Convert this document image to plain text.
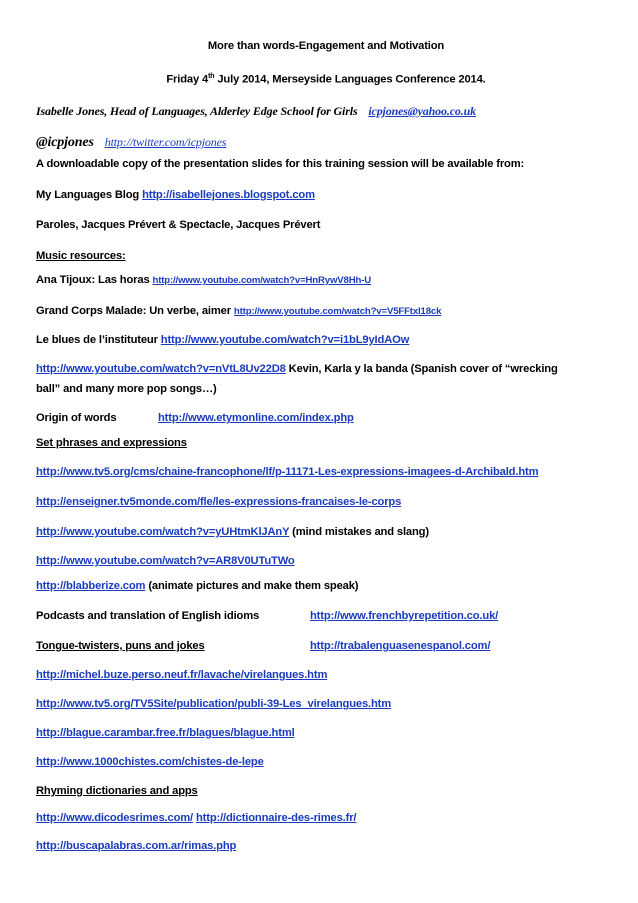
More than words-Engagement and Motivation
Friday 4th July 2014, Merseyside Languages Conference 2014.
Isabelle Jones, Head of Languages, Alderley Edge School for Girls icpjones@yahoo.co.uk
@icpjones http://twitter.com/icpjones
A downloadable copy of the presentation slides for this training session will be available from:
My Languages Blog http://isabellejones.blogspot.com
Paroles, Jacques Prévert & Spectacle, Jacques Prévert
Music resources:
Ana Tijoux: Las horas http://www.youtube.com/watch?v=HnRywV8Hh-U
Grand Corps Malade: Un verbe, aimer http://www.youtube.com/watch?v=V5FFtxl18ck
Le blues de l’instituteur http://www.youtube.com/watch?v=i1bL9yIdAOw
http://www.youtube.com/watch?v=nVtL8Uv22D8 Kevin, Karla y la banda (Spanish cover of “wrecking
ball” and many more pop songs…)
Origin of words	http://www.etymonline.com/index.php
Set phrases and expressions
http://www.tv5.org/cms/chaine-francophone/lf/p-11171-Les-expressions-imagees-d-Archibald.htm
http://enseigner.tv5monde.com/fle/les-expressions-francaises-le-corps
http://www.youtube.com/watch?v=yUHtmKlJAnY (mind mistakes and slang)
http://www.youtube.com/watch?v=AR8V0UTuTWo
http://blabberize.com (animate pictures and make them speak)
Podcasts and translation of English idioms	http://www.frenchbyrepetition.co.uk/
Tongue-twisters, puns and jokes	http://trabalenguasenespanol.com/
http://michel.buze.perso.neuf.fr/lavache/virelangues.htm
http://www.tv5.org/TV5Site/publication/publi-39-Les_virelangues.htm
http://blague.carambar.free.fr/blagues/blague.html
http://www.1000chistes.com/chistes-de-lepe
Rhyming dictionaries and apps
http://www.dicodesrimes.com/ http://dictionnaire-des-rimes.fr/
http://buscapalabras.com.ar/rimas.php
